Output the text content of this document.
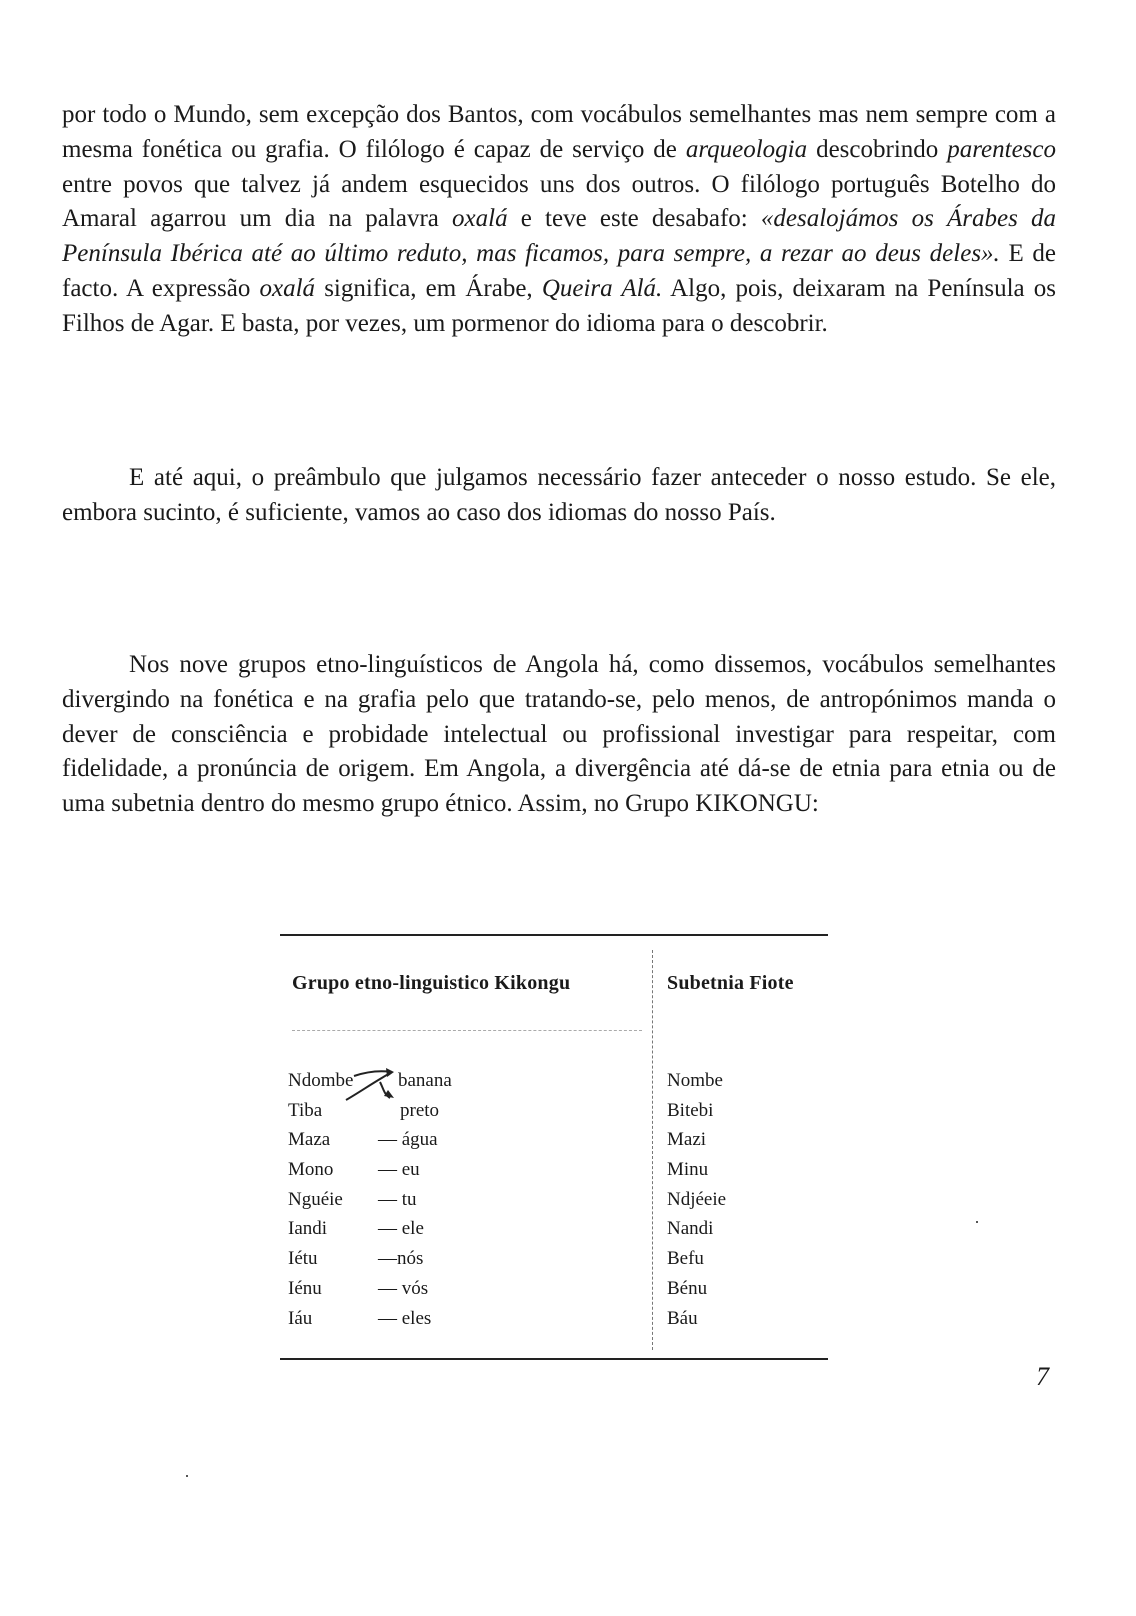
por todo o Mundo, sem excepção dos Bantos, com vocábulos semelhantes mas nem sempre com a mesma fonética ou grafia. O filólogo é capaz de serviço de arqueologia descobrindo parentesco entre povos que talvez já andem esquecidos uns dos outros. O filólogo português Botelho do Amaral agarrou um dia na palavra oxalá e teve este desabafo: «desalojámos os Árabes da Península Ibérica até ao último reduto, mas ficamos, para sempre, a rezar ao deus deles». E de facto. A expressão oxalá significa, em Árabe, Queira Alá. Algo, pois, deixaram na Península os Filhos de Agar. E basta, por vezes, um pormenor do idioma para o descobrir.

E até aqui, o preâmbulo que julgamos necessário fazer anteceder o nosso estudo. Se ele, embora sucinto, é suficiente, vamos ao caso dos idiomas do nosso País.

Nos nove grupos etno-linguísticos de Angola há, como dissemos, vocábulos semelhantes divergindo na fonética e na grafia pelo que tratando-se, pelo menos, de antropónimos manda o dever de consciência e probidade intelectual ou profissional investigar para respeitar, com fidelidade, a pronúncia de origem. Em Angola, a divergência até dá-se de etnia para etnia ou de uma subetnia dentro do mesmo grupo étnico. Assim, no Grupo KIKONGU:

Grupo etno-linguistico Kikongu	Subetnia Fiote
Ndombe banana	Nombe
Tiba	preto	Bitebi
Maza	— água	Mazi
Mono — eu	Minu
Nguéie — tu	Ndjéeie
Iandi	— ele	Nandi
Iétu	—nós	Befu
Iénu	— vós	Bénu
Iáu	— eles	Báu
7
